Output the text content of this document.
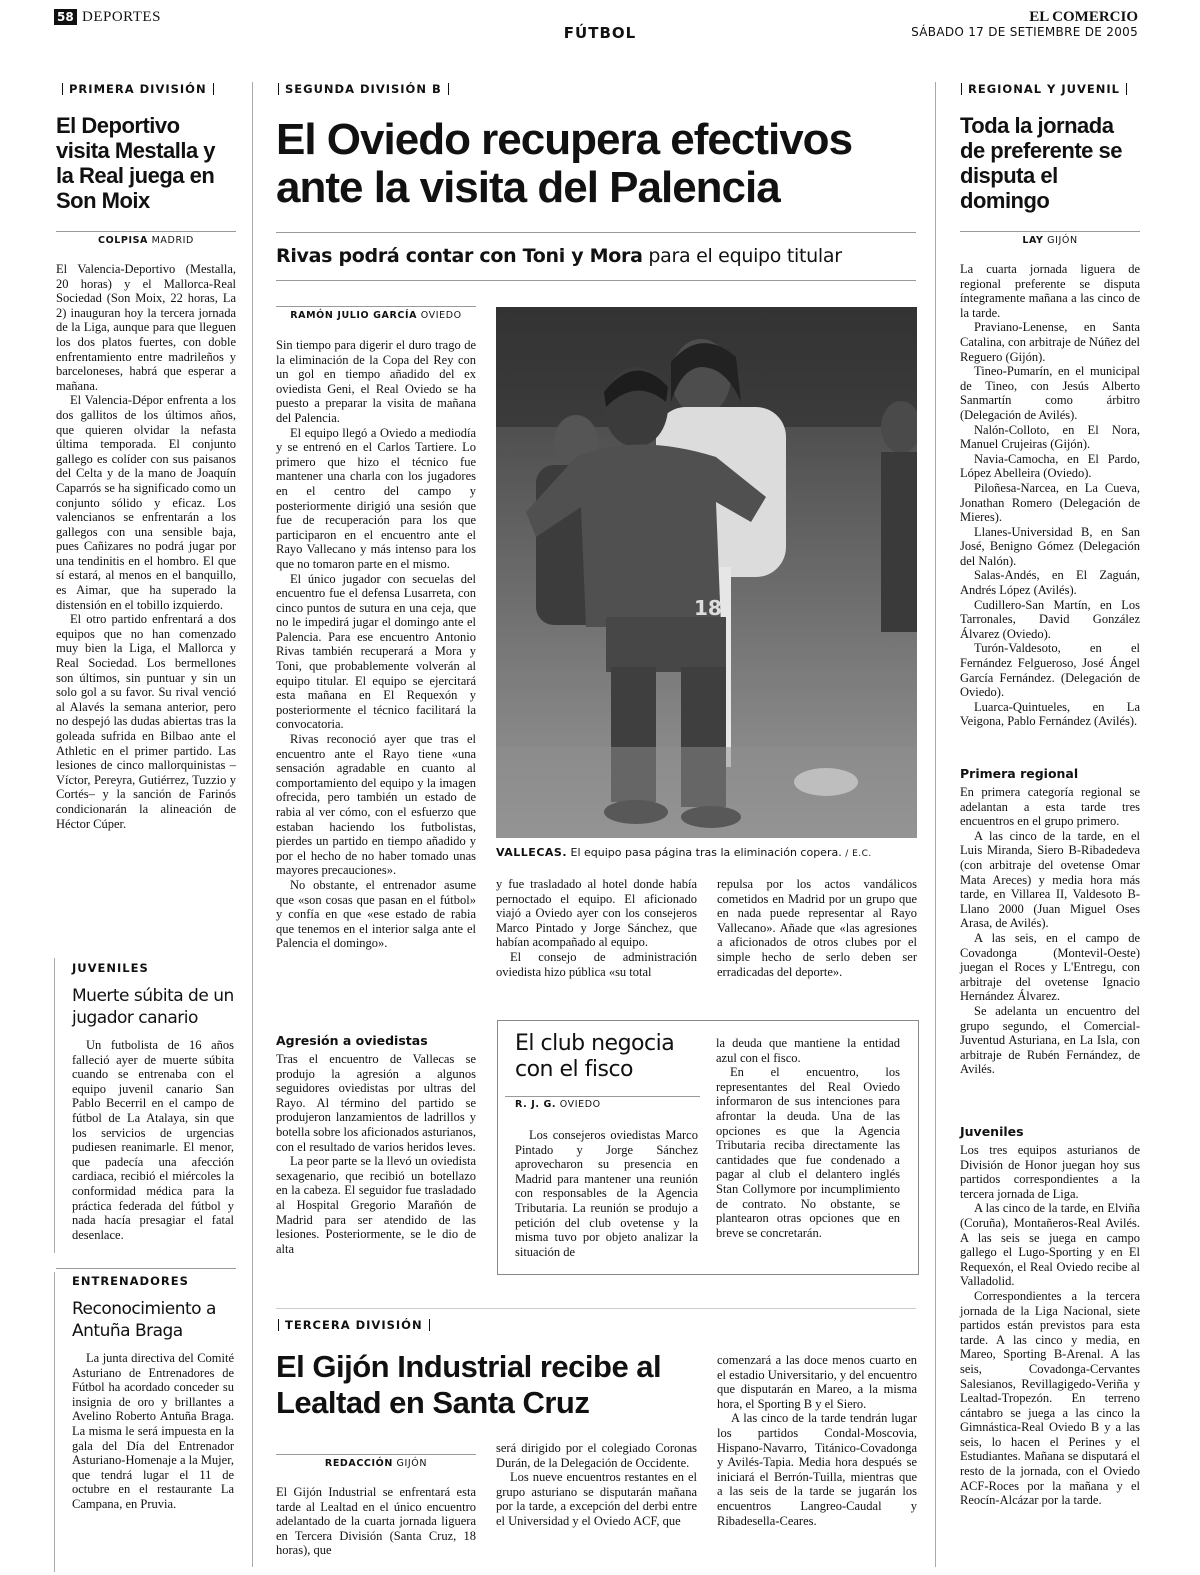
58 DEPORTES
FÚTBOL
EL COMERCIO
SÁBADO 17 DE SETIEMBRE DE 2005
PRIMERA DIVISIÓN
El Deportivo visita Mestalla y la Real juega en Son Moix
COLPISA MADRID

El Valencia-Deportivo (Mestalla, 20 horas) y el Mallorca-Real Sociedad (Son Moix, 22 horas, La 2) inauguran hoy la tercera jornada de la Liga, aunque para que lleguen los dos platos fuertes, con doble enfrentamiento entre madrileños y barceloneses, habrá que esperar a mañana.

El Valencia-Dépor enfrenta a los dos gallitos de los últimos años, que quieren olvidar la nefasta última temporada. El conjunto gallego es colíder con sus paisanos del Celta y de la mano de Joaquín Caparrós se ha significado como un conjunto sólido y eficaz. Los valencianos se enfrentarán a los gallegos con una sensible baja, pues Cañizares no podrá jugar por una tendinitis en el hombro. El que sí estará, al menos en el banquillo, es Aimar, que ha superado la distensión en el tobillo izquierdo.

El otro partido enfrentará a dos equipos que no han comenzado muy bien la Liga, el Mallorca y Real Sociedad. Los bermellones son últimos, sin puntuar y sin un solo gol a su favor. Su rival venció al Alavés la semana anterior, pero no despejó las dudas abiertas tras la goleada sufrida en Bilbao ante el Athletic en el primer partido. Las lesiones de cinco mallorquinistas –Víctor, Pereyra, Gutiérrez, Tuzzio y Cortés– y la sanción de Farinós condicionarán la alineación de Héctor Cúper.

JUVENILES
Muerte súbita de un jugador canario

Un futbolista de 16 años falleció ayer de muerte súbita cuando se entrenaba con el equipo juvenil canario San Pablo Becerril en el campo de fútbol de La Atalaya, sin que los servicios de urgencias pudiesen reanimarle. El menor, que padecía una afección cardiaca, recibió el miércoles la conformidad médica para la práctica federada del fútbol y nada hacía presagiar el fatal desenlace.

ENTRENADORES
Reconocimiento a Antuña Braga

La junta directiva del Comité Asturiano de Entrenadores de Fútbol ha acordado conceder su insignia de oro y brillantes a Avelino Roberto Antuña Braga. La misma le será impuesta en la gala del Día del Entrenador Asturiano-Homenaje a la Mujer, que tendrá lugar el 11 de octubre en el restaurante La Campana, en Pruvia.

SEGUNDA DIVISIÓN B
El Oviedo recupera efectivos ante la visita del Palencia
Rivas podrá contar con Toni y Mora para el equipo titular
RAMÓN JULIO GARCÍA OVIEDO

Sin tiempo para digerir el duro trago de la eliminación de la Copa del Rey con un gol en tiempo añadido del ex oviedista Geni, el Real Oviedo se ha puesto a preparar la visita de mañana del Palencia.

El equipo llegó a Oviedo a mediodía y se entrenó en el Carlos Tartiere. Lo primero que hizo el técnico fue mantener una charla con los jugadores en el centro del campo y posteriormente dirigió una sesión que fue de recuperación para los que participaron en el encuentro ante el Rayo Vallecano y más intenso para los que no tomaron parte en el mismo.

El único jugador con secuelas del encuentro fue el defensa Lusarreta, con cinco puntos de sutura en una ceja, que no le impedirá jugar el domingo ante el Palencia. Para ese encuentro Antonio Rivas también recuperará a Mora y Toni, que probablemente volverán al equipo titular. El equipo se ejercitará esta mañana en El Requexón y posteriormente el técnico facilitará la convocatoria.

Rivas reconoció ayer que tras el encuentro ante el Rayo tiene «una sensación agradable en cuanto al comportamiento del equipo y la imagen ofrecida, pero también un estado de rabia al ver cómo, con el esfuerzo que estaban haciendo los futbolistas, pierdes un partido en tiempo añadido y por el hecho de no haber tomado unas mayores precauciones».

No obstante, el entrenador asume que «son cosas que pasan en el fútbol» y confía en que «ese estado de rabia que tenemos en el interior salga ante el Palencia el domingo».

Agresión a oviedistas

Tras el encuentro de Vallecas se produjo la agresión a algunos seguidores oviedistas por ultras del Rayo. Al término del partido se produjeron lanzamientos de ladrillos y botella sobre los aficionados asturianos, con el resultado de varios heridos leves.

La peor parte se la llevó un oviedista sexagenario, que recibió un botellazo en la cabeza. El seguidor fue trasladado al Hospital Gregorio Marañón de Madrid para ser atendido de las lesiones. Posteriormente, se le dio de alta

18
VALLECAS. El equipo pasa página tras la eliminación copera. / E.C.

y fue trasladado al hotel donde había pernoctado el equipo. El aficionado viajó a Oviedo ayer con los consejeros Marco Pintado y Jorge Sánchez, que habían acompañado al equipo.

El consejo de administración oviedista hizo pública «su total

repulsa por los actos vandálicos cometidos en Madrid por un grupo que en nada puede representar al Rayo Vallecano». Añade que «las agresiones a aficionados de otros clubes por el simple hecho de serlo deben ser erradicadas del deporte».

El club negocia con el fisco
R. J. G. OVIEDO

Los consejeros oviedistas Marco Pintado y Jorge Sánchez aprovecharon su presencia en Madrid para mantener una reunión con responsables de la Agencia Tributaria. La reunión se produjo a petición del club ovetense y la misma tuvo por objeto analizar la situación de

la deuda que mantiene la entidad azul con el fisco.

En el encuentro, los representantes del Real Oviedo informaron de sus intenciones para afrontar la deuda. Una de las opciones es que la Agencia Tributaria reciba directamente las cantidades que fue condenado a pagar al club el delantero inglés Stan Collymore por incumplimiento de contrato. No obstante, se plantearon otras opciones que en breve se concretarán.

TERCERA DIVISIÓN
El Gijón Industrial recibe al Lealtad en Santa Cruz
REDACCIÓN GIJÓN

El Gijón Industrial se enfrentará esta tarde al Lealtad en el único encuentro adelantado de la cuarta jornada liguera en Tercera División (Santa Cruz, 18 horas), que

será dirigido por el colegiado Coronas Durán, de la Delegación de Occidente.

Los nueve encuentros restantes en el grupo asturiano se disputarán mañana por la tarde, a excepción del derbi entre el Universidad y el Oviedo ACF, que

comenzará a las doce menos cuarto en el estadio Universitario, y del encuentro que disputarán en Mareo, a la misma hora, el Sporting B y el Siero.

A las cinco de la tarde tendrán lugar los partidos Condal-Moscovia, Hispano-Navarro, Titánico-Covadonga y Avilés-Tapia. Media hora después se iniciará el Berrón-Tuilla, mientras que a las seis de la tarde se jugarán los encuentros Langreo-Caudal y Ribadesella-Ceares.

REGIONAL Y JUVENIL
Toda la jornada de preferente se disputa el domingo
LAY GIJÓN

La cuarta jornada liguera de regional preferente se disputa íntegramente mañana a las cinco de la tarde.

Praviano-Lenense, en Santa Catalina, con arbitraje de Núñez del Reguero (Gijón).

Tineo-Pumarín, en el municipal de Tineo, con Jesús Alberto Sanmartín como árbitro (Delegación de Avilés).

Nalón-Colloto, en El Nora, Manuel Crujeiras (Gijón).

Navia-Camocha, en El Pardo, López Abelleira (Oviedo).

Piloñesa-Narcea, en La Cueva, Jonathan Romero (Delegación de Mieres).

Llanes-Universidad B, en San José, Benigno Gómez (Delegación del Nalón).

Salas-Andés, en El Zaguán, Andrés López (Avilés).

Cudillero-San Martín, en Los Tarronales, David González Álvarez (Oviedo).

Turón-Valdesoto, en el Fernández Felgueroso, José Ángel García Fernández. (Delegación de Oviedo).

Luarca-Quintueles, en La Veigona, Pablo Fernández (Avilés).

Primera regional

En primera categoría regional se adelantan a esta tarde tres encuentros en el grupo primero.

A las cinco de la tarde, en el Luis Miranda, Siero B-Ribadedeva (con arbitraje del ovetense Omar Mata Areces) y media hora más tarde, en Villarea II, Valdesoto B-Llano 2000 (Juan Miguel Oses Arasa, de Avilés).

A las seis, en el campo de Covadonga (Montevil-Oeste) juegan el Roces y L'Entregu, con arbitraje del ovetense Ignacio Hernández Álvarez.

Se adelanta un encuentro del grupo segundo, el Comercial-Juventud Asturiana, en La Isla, con arbitraje de Rubén Fernández, de Avilés.

Juveniles

Los tres equipos asturianos de División de Honor juegan hoy sus partidos correspondientes a la tercera jornada de Liga.

A las cinco de la tarde, en Elviña (Coruña), Montañeros-Real Avilés. A las seis se juega en campo gallego el Lugo-Sporting y en El Requexón, el Real Oviedo recibe al Valladolid.

Correspondientes a la tercera jornada de la Liga Nacional, siete partidos están previstos para esta tarde. A las cinco y media, en Mareo, Sporting B-Arenal. A las seis, Covadonga-Cervantes Salesianos, Revillagigedo-Veriña y Lealtad-Tropezón. En terreno cántabro se juega a las cinco la Gimnástica-Real Oviedo B y a las seis, lo hacen el Perines y el Estudiantes. Mañana se disputará el resto de la jornada, con el Oviedo ACF-Roces por la mañana y el Reocín-Alcázar por la tarde.
